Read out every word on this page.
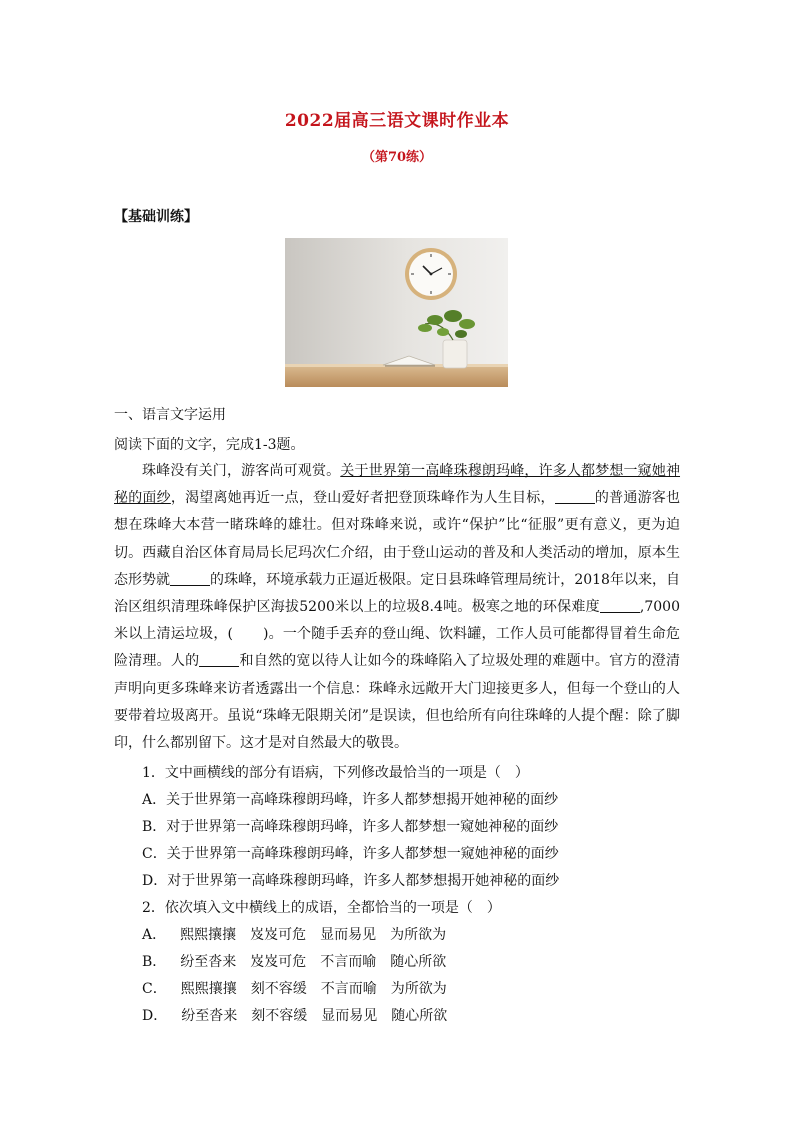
2022届高三语文课时作业本
（第70练）
【基础训练】
一、语言文字运用
阅读下面的文字，完成1-3题。

珠峰没有关门，游客尚可观赏。关于世界第一高峰珠穆朗玛峰，许多人都梦想一窥她神秘的面纱，渴望离她再近一点，登山爱好者把登顶珠峰作为人生目标，	的普通游客也想在珠峰大本营一睹珠峰的雄壮。但对珠峰来说，或许“保护”比“征服”更有意义，更为迫切。西藏自治区体育局局长尼玛次仁介绍，由于登山运动的普及和人类活动的增加，原本生态形势就	的珠峰，环境承载力正逼近极限。定日县珠峰管理局统计，2018年以来，自治区组织清理珠峰保护区海拔5200米以上的垃圾8.4吨。极寒之地的环保难度	,7000米以上清运垃圾，( )。一个随手丢弃的登山绳、饮料罐，工作人员可能都得冒着生命危险清理。人的	和自然的宽以待人让如今的珠峰陷入了垃圾处理的难题中。官方的澄清声明向更多珠峰来访者透露出一个信息：珠峰永远敞开大门迎接更多人，但每一个登山的人要带着垃圾离开。虽说“珠峰无限期关闭”是误读，但也给所有向往珠峰的人提个醒：除了脚印，什么都别留下。这才是对自然最大的敬畏。

1．文中画横线的部分有语病，下列修改最恰当的一项是（　）
A．关于世界第一高峰珠穆朗玛峰，许多人都梦想揭开她神秘的面纱
B．对于世界第一高峰珠穆朗玛峰，许多人都梦想一窥她神秘的面纱
C．关于世界第一高峰珠穆朗玛峰，许多人都梦想一窥她神秘的面纱
D．对于世界第一高峰珠穆朗玛峰，许多人都梦想揭开她神秘的面纱
2．依次填入文中横线上的成语，全都恰当的一项是（　）
A． 熙熙攘攘 岌岌可危 显而易见 为所欲为
B． 纷至沓来 岌岌可危 不言而喻 随心所欲
C． 熙熙攘攘 刻不容缓 不言而喻 为所欲为
D． 纷至沓来 刻不容缓 显而易见 随心所欲
